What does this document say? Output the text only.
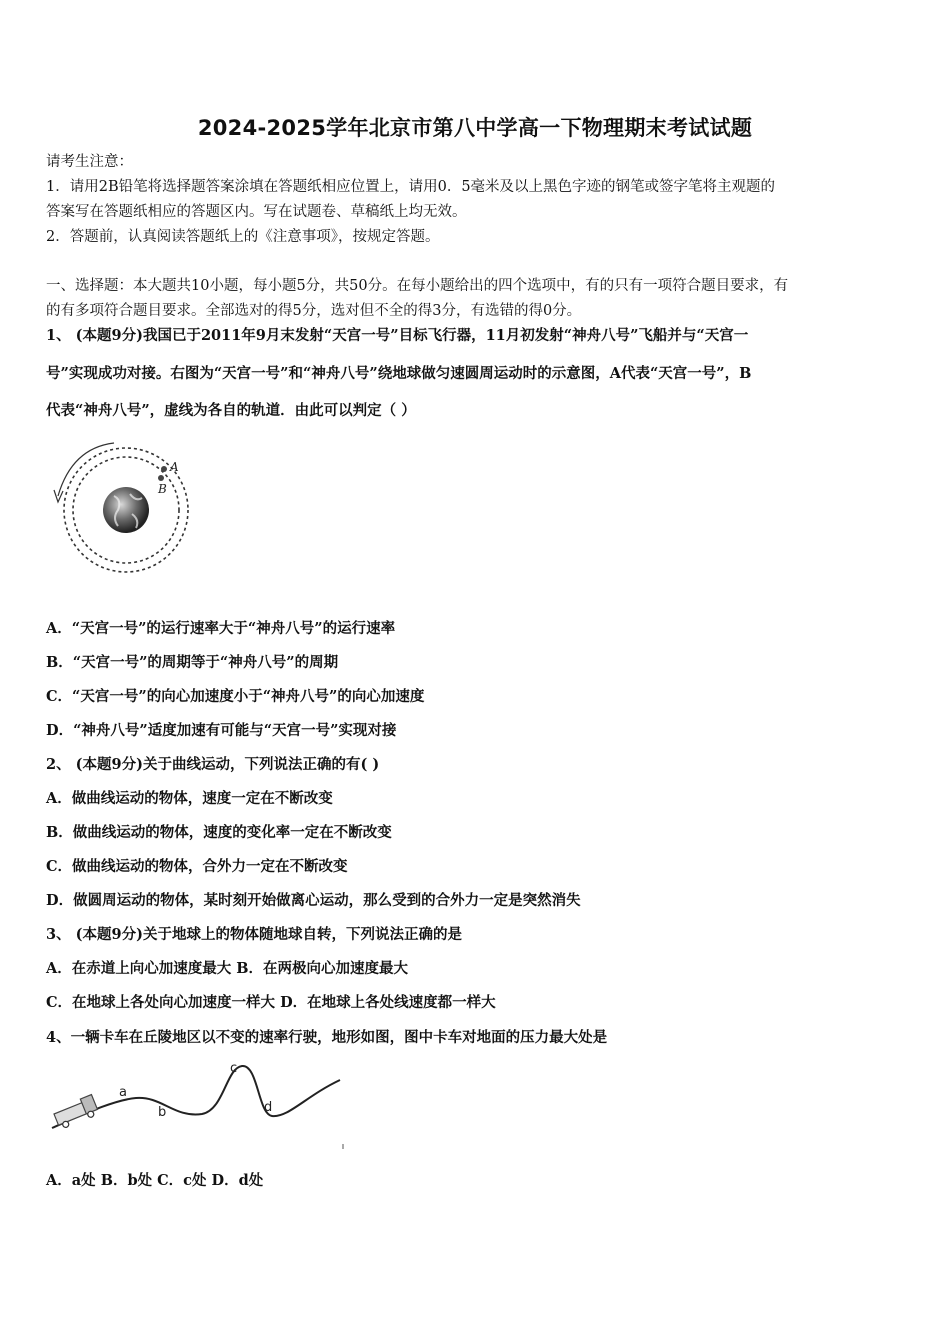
2024-2025学年北京市第八中学高一下物理期末考试试题
请考生注意：
1．请用2B铅笔将选择题答案涂填在答题纸相应位置上，请用0．5毫米及以上黑色字迹的钢笔或签字笔将主观题的
答案写在答题纸相应的答题区内。写在试题卷、草稿纸上均无效。
2．答题前，认真阅读答题纸上的《注意事项》，按规定答题。
一、选择题：本大题共10小题，每小题5分，共50分。在每小题给出的四个选项中，有的只有一项符合题目要求，有
的有多项符合题目要求。全部选对的得5分，选对但不全的得3分，有选错的得0分。
1、 (本题9分)我国已于2011年9月末发射“天宫一号”目标飞行器，11月初发射“神舟八号”飞船并与“天宫一
号”实现成功对接。右图为“天宫一号”和“神舟八号”绕地球做匀速圆周运动时的示意图，A代表“天宫一号”，B
代表“神舟八号”，虚线为各自的轨道．由此可以判定（ ）
A
B
A．“天宫一号”的运行速率大于“神舟八号”的运行速率
B．“天宫一号”的周期等于“神舟八号”的周期
C．“天宫一号”的向心加速度小于“神舟八号”的向心加速度
D．“神舟八号”适度加速有可能与“天宫一号”实现对接
2、 (本题9分)关于曲线运动，下列说法正确的有( )
A．做曲线运动的物体，速度一定在不断改变
B．做曲线运动的物体，速度的变化率一定在不断改变
C．做曲线运动的物体，合外力一定在不断改变
D．做圆周运动的物体，某时刻开始做离心运动，那么受到的合外力一定是突然消失
3、 (本题9分)关于地球上的物体随地球自转，下列说法正确的是
A．在赤道上向心加速度最大 B．在两极向心加速度最大
C．在地球上各处向心加速度一样大 D．在地球上各处线速度都一样大
4、一辆卡车在丘陵地区以不变的速率行驶，地形如图，图中卡车对地面的压力最大处是
a
b
c
d
A．a处 B．b处 C．c处 D．d处
